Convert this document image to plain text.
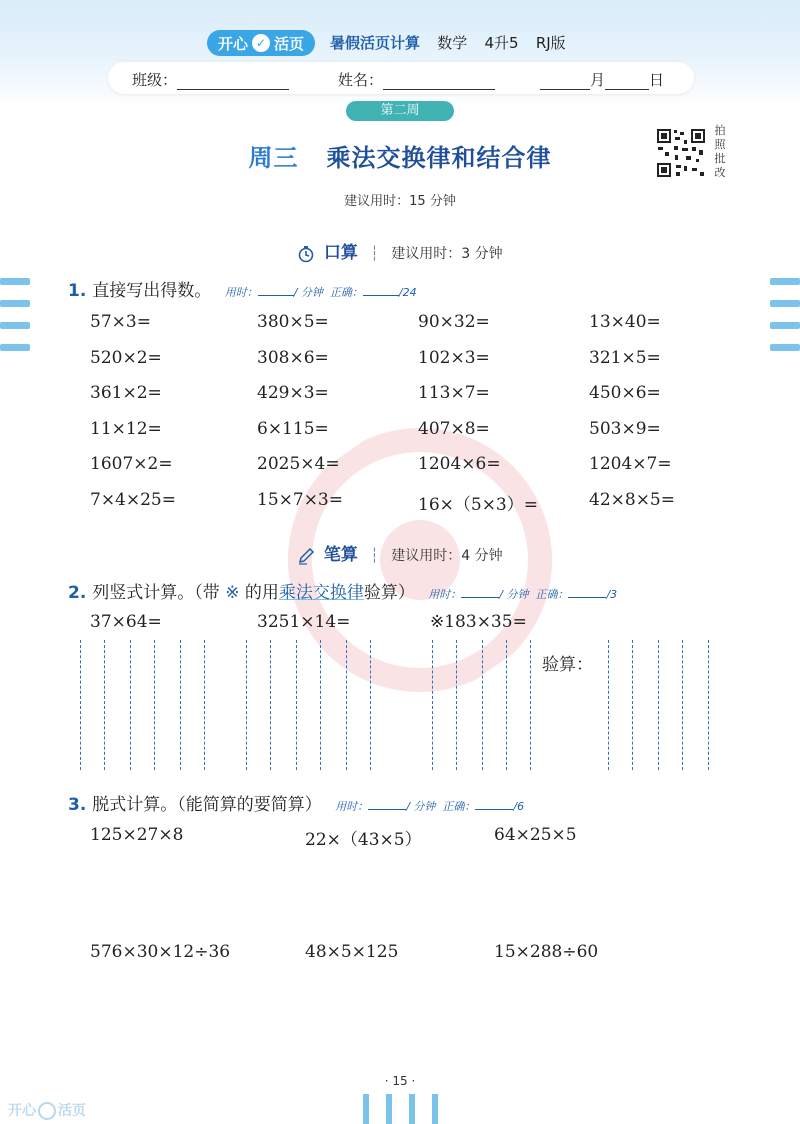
开心 ✓ 活页 暑假活页计算 数学 4升5 RJ版
班级：	姓名：	月	日
第二周
周三 乘法交换律和结合律
拍
照
批
改
建议用时：15 分钟
口算 ┆ 建议用时：3 分钟
1. 直接写出得数。 用时：	/ 分钟 正确：	/24
57×3=	380×5=	90×32=	13×40=
520×2=	308×6=	102×3=	321×5=
361×2=	429×3=	113×7=	450×6=
11×12=	6×115=	407×8=	503×9=
1607×2=	2025×4=	1204×6=	1204×7=
7×4×25=	15×7×3=	16×（5×3）=	42×8×5=
笔算 ┆ 建议用时：4 分钟
2. 列竖式计算。（带 ※ 的用乘法交换律验算） 用时：	/ 分钟 正确：	/3
37×64=	3251×14=	※183×35=
验算：
3. 脱式计算。（能简算的要简算） 用时：	/ 分钟 正确：	/6
125×27×8	22×（43×5）	64×25×5
576×30×12÷36	48×5×125	15×288÷60
· 15 ·
开心 活页
